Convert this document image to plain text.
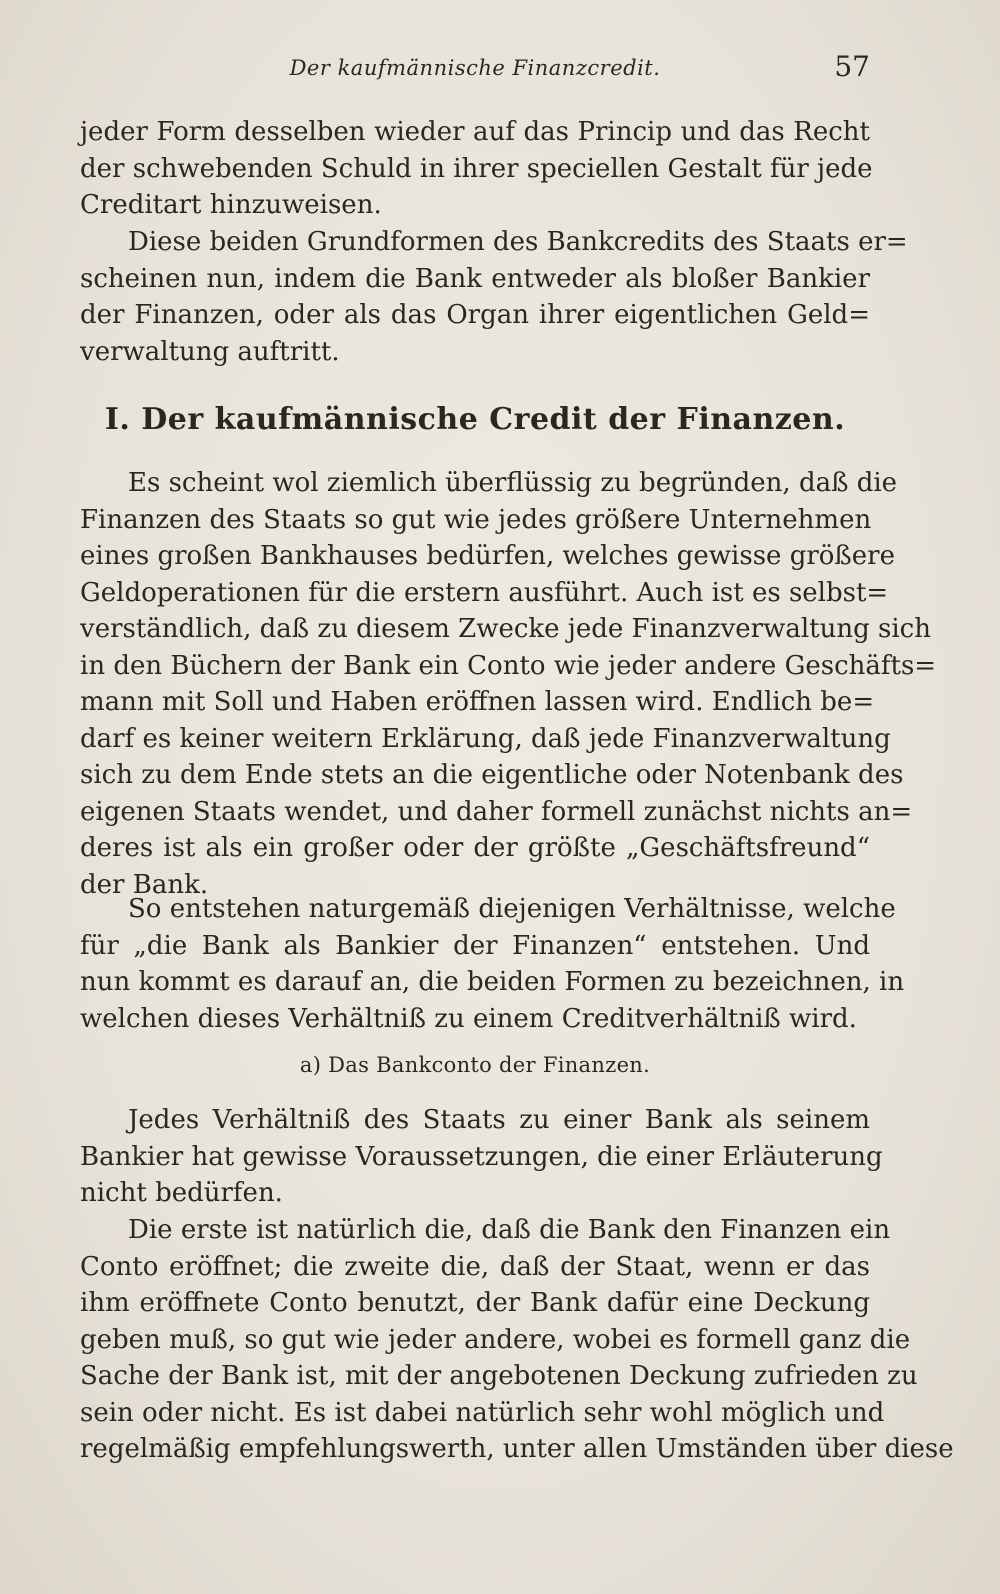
Der kaufmännische Finanzcredit.	57
jeder Form desselben wieder auf das Princip und das Recht
der schwebenden Schuld in ihrer speciellen Gestalt für jede
Creditart hinzuweisen.
Diese beiden Grundformen des Bankcredits des Staats er=
scheinen nun, indem die Bank entweder als bloßer Bankier
der Finanzen, oder als das Organ ihrer eigentlichen Geld=
verwaltung auftritt.
I. Der kaufmännische Credit der Finanzen.
Es scheint wol ziemlich überflüssig zu begründen, daß die
Finanzen des Staats so gut wie jedes größere Unternehmen
eines großen Bankhauses bedürfen, welches gewisse größere
Geldoperationen für die erstern ausführt. Auch ist es selbst=
verständlich, daß zu diesem Zwecke jede Finanzverwaltung sich
in den Büchern der Bank ein Conto wie jeder andere Geschäfts=
mann mit Soll und Haben eröffnen lassen wird. Endlich be=
darf es keiner weitern Erklärung, daß jede Finanzverwaltung
sich zu dem Ende stets an die eigentliche oder Notenbank des
eigenen Staats wendet, und daher formell zunächst nichts an=
deres ist als ein großer oder der größte „Geschäftsfreund“
der Bank.
So entstehen naturgemäß diejenigen Verhältnisse, welche
für „die Bank als Bankier der Finanzen“ entstehen. Und
nun kommt es darauf an, die beiden Formen zu bezeichnen, in
welchen dieses Verhältniß zu einem Creditverhältniß wird.
a) Das Bankconto der Finanzen.
Jedes Verhältniß des Staats zu einer Bank als seinem
Bankier hat gewisse Voraussetzungen, die einer Erläuterung
nicht bedürfen.
Die erste ist natürlich die, daß die Bank den Finanzen ein
Conto eröffnet; die zweite die, daß der Staat, wenn er das
ihm eröffnete Conto benutzt, der Bank dafür eine Deckung
geben muß, so gut wie jeder andere, wobei es formell ganz die
Sache der Bank ist, mit der angebotenen Deckung zufrieden zu
sein oder nicht. Es ist dabei natürlich sehr wohl möglich und
regelmäßig empfehlungswerth, unter allen Umständen über diese
